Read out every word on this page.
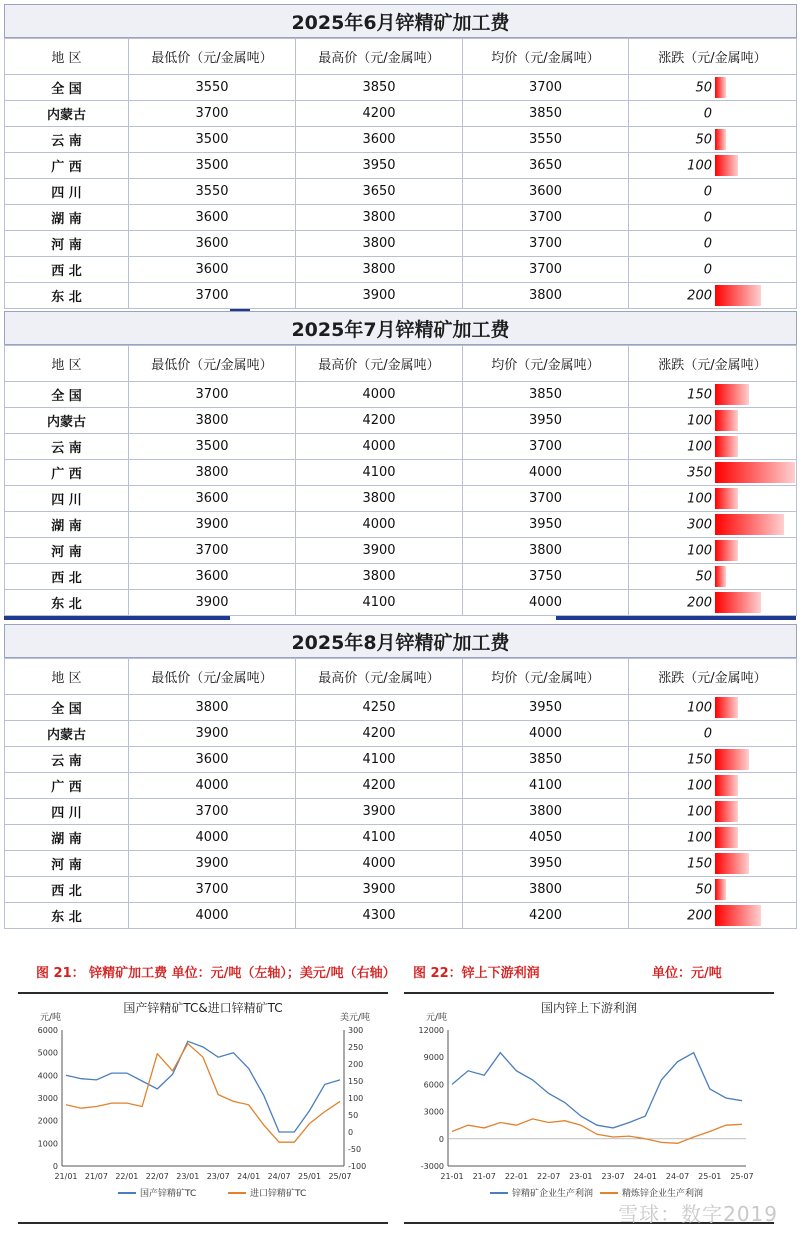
2025年6月锌精矿加工费
地 区	最低价（元/金属吨）	最高价（元/金属吨）	均价（元/金属吨）	涨跌（元/金属吨）
全 国	3550	3850	3700	50

内蒙古	3700	4200	3850	0

云 南	3500	3600	3550	50

广 西	3500	3950	3650	100

四 川	3550	3650	3600	0

湖 南	3600	3800	3700	0

河 南	3600	3800	3700	0

西 北	3600	3800	3700	0

东 北	3700	3900	3800	200
2025年7月锌精矿加工费
地 区	最低价（元/金属吨）	最高价（元/金属吨）	均价（元/金属吨）	涨跌（元/金属吨）
全 国	3700	4000	3850	150

内蒙古	3800	4200	3950	100

云 南	3500	4000	3700	100

广 西	3800	4100	4000	350

四 川	3600	3800	3700	100

湖 南	3900	4000	3950	300

河 南	3700	3900	3800	100

西 北	3600	3800	3750	50

东 北	3900	4100	4000	200
2025年8月锌精矿加工费
地 区	最低价（元/金属吨）	最高价（元/金属吨）	均价（元/金属吨）	涨跌（元/金属吨）
全 国	3800	4250	3950	100

内蒙古	3900	4200	4000	0

云 南	3600	4100	3850	150

广 西	4000	4200	4100	100

四 川	3700	3900	3800	100

湖 南	4000	4100	4050	100

河 南	3900	4000	3950	150

西 北	3700	3900	3800	50

东 北	4000	4300	4200	200
图 21： 锌精矿加工费 单位：元/吨（左轴）；美元/吨（右轴） 图 22：锌上下游利润	单位：元/吨
国产锌精矿TC&进口锌精矿TC
元/吨	美元/吨
0
1000
2000
3000
4000
5000
6000
-100
-50
0
50
100
150
200
250
300
21/01 21/07 22/01 22/07 23/01 23/07 24/01 24/07 25/01 25/07
国产锌精矿TC	进口锌精矿TC
国内锌上下游利润
元/吨
-3000
0
3000
6000
9000
12000
21-01 21-07 22-01 22-07 23-01 23-07 24-01 24-07 25-01 25-07
锌精矿企业生产利润	精炼锌企业生产利润
雪球：数字2019
